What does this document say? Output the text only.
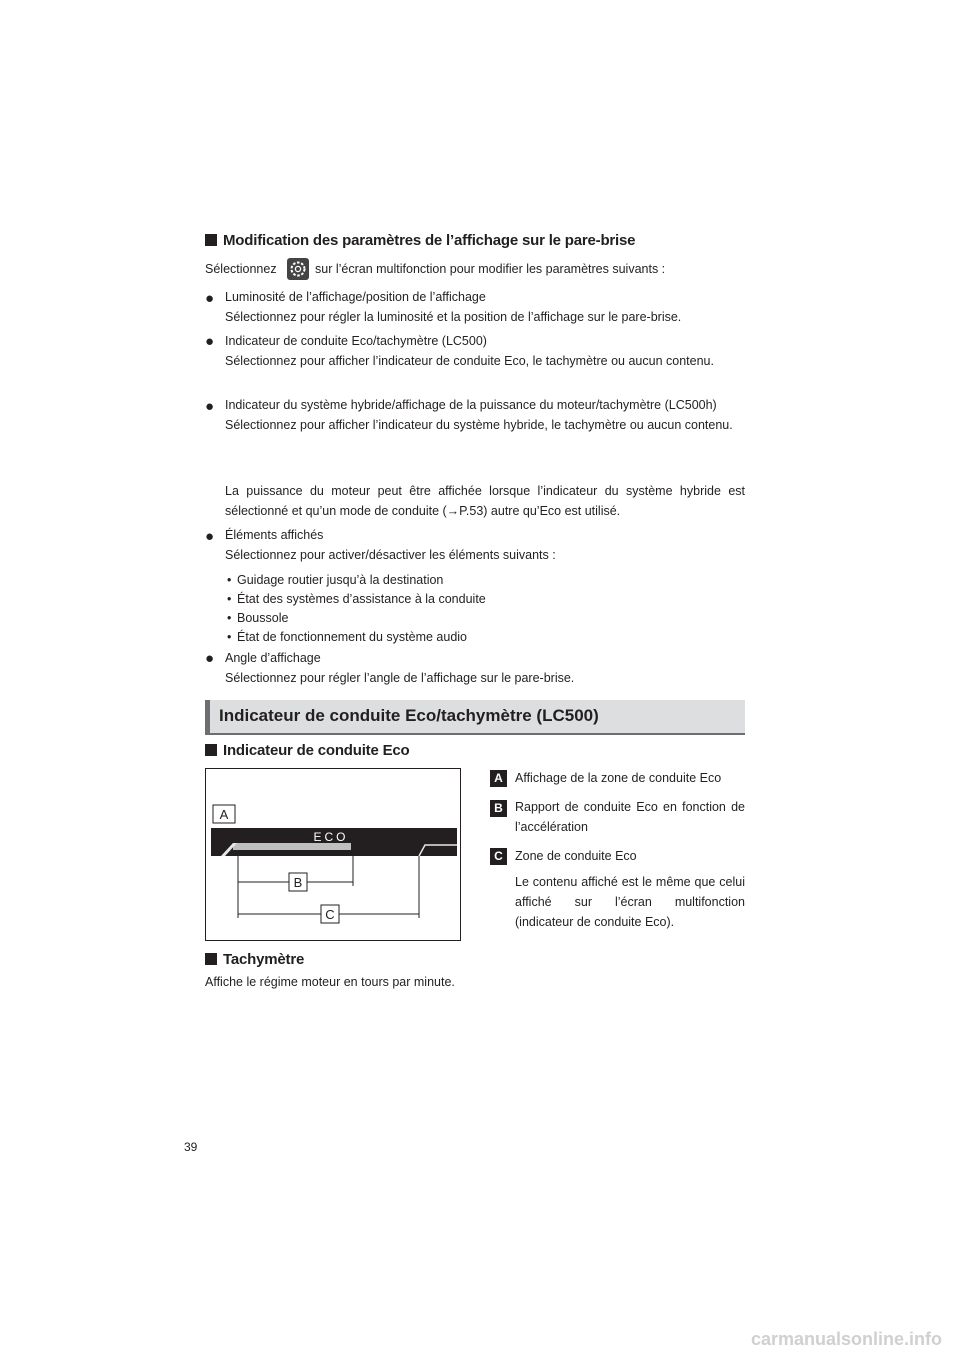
Modification des paramètres de l’affichage sur le pare-brise
Sélectionnez	sur l’écran multifonction pour modifier les paramètres suivants :
● Luminosité de l’affichage/position de l’affichage
Sélectionnez pour régler la luminosité et la position de l’affichage sur le pare-brise.
● Indicateur de conduite Eco/tachymètre (LC500)
Sélectionnez pour afficher l’indicateur de conduite Eco, le tachymètre ou aucun contenu.
● Indicateur du système hybride/affichage de la puissance du moteur/tachymètre (LC500h)
Sélectionnez pour afficher l’indicateur du système hybride, le tachymètre ou aucun contenu.
La puissance du moteur peut être affichée lorsque l’indicateur du système hybride est sélectionné et qu’un mode de conduite (→P.53) autre qu’Eco est utilisé.
● Éléments affichés
Sélectionnez pour activer/désactiver les éléments suivants :
• Guidage routier jusqu’à la destination
• État des systèmes d’assistance à la conduite
• Boussole
• État de fonctionnement du système audio
● Angle d’affichage
Sélectionnez pour régler l’angle de l’affichage sur le pare-brise.
Indicateur de conduite Eco/tachymètre (LC500)
Indicateur de conduite Eco
A
ECO
B
C
A Affichage de la zone de conduite Eco
B Rapport de conduite Eco en fonction de l’accélération
C Zone de conduite Eco
Le contenu affiché est le même que celui affiché sur l’écran multifonction (indicateur de conduite Eco).
Tachymètre
Affiche le régime moteur en tours par minute.
39
carmanualsonline.info
